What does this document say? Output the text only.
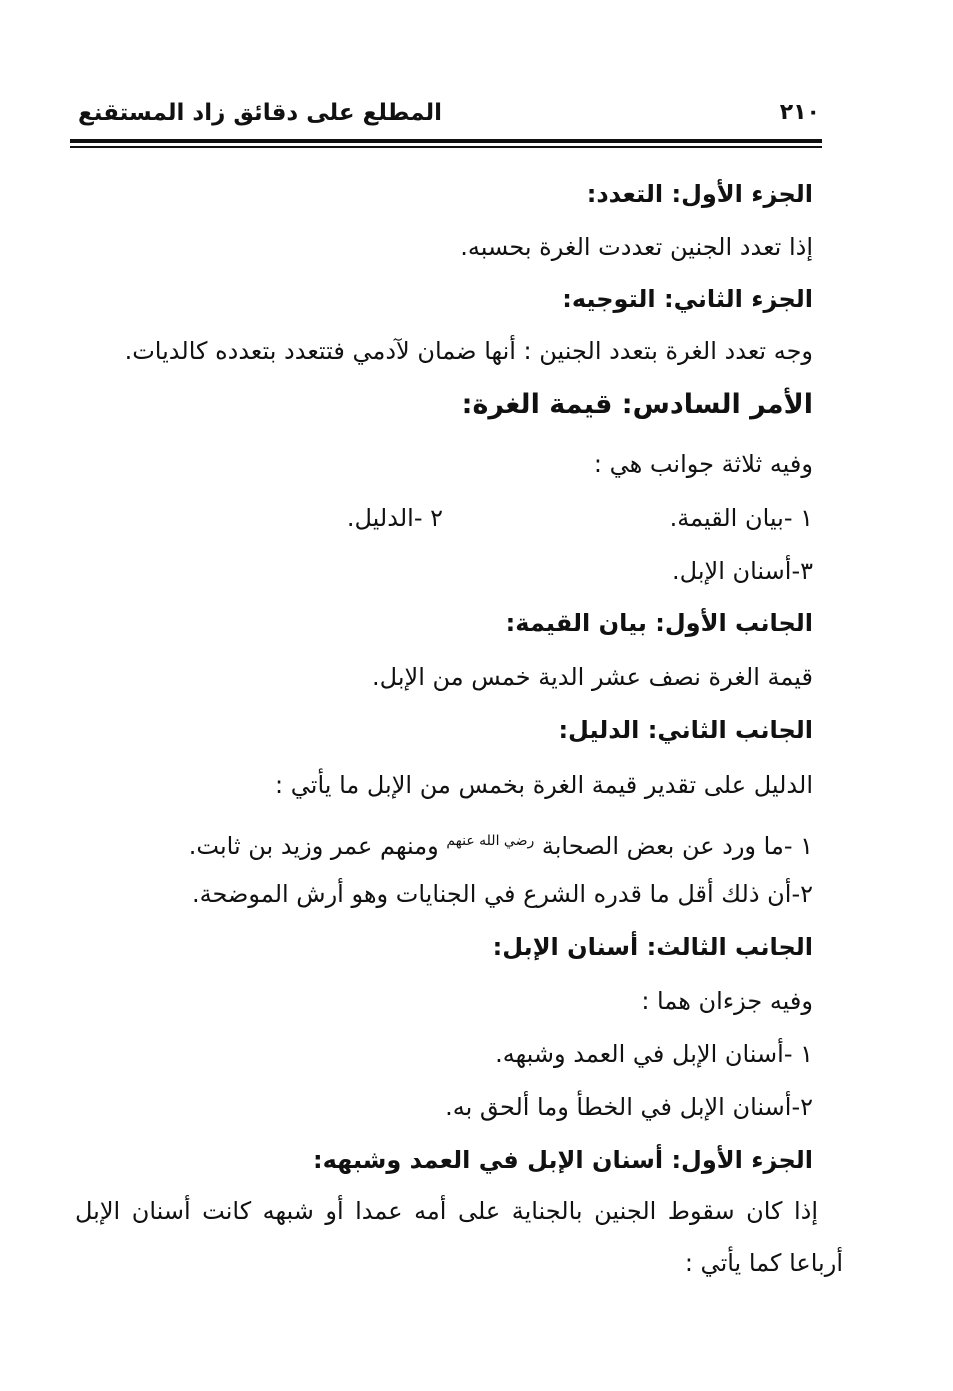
٢١٠
المطلع على دقائق زاد المستقنع
الجزء الأول: التعدد:
إذا تعدد الجنين تعددت الغرة بحسبه.
الجزء الثاني: التوجيه:
وجه تعدد الغرة بتعدد الجنين : أنها ضمان لآدمي فتتعدد بتعدده كالديات.
الأمر السادس: قيمة الغرة:
وفيه ثلاثة جوانب هي :
١ -بيان القيمة.
٢ -الدليل.
٣-أسنان الإبل.
الجانب الأول: بيان القيمة:
قيمة الغرة نصف عشر الدية خمس من الإبل.
الجانب الثاني: الدليل:
الدليل على تقدير قيمة الغرة بخمس من الإبل ما يأتي :
١ -ما ورد عن بعض الصحابة رضي الله عنهم ومنهم عمر وزيد بن ثابت.
٢-أن ذلك أقل ما قدره الشرع في الجنايات وهو أرش الموضحة.
الجانب الثالث: أسنان الإبل:
وفيه جزءان هما :
١ -أسنان الإبل في العمد وشبهه.
٢-أسنان الإبل في الخطأ وما ألحق به.
الجزء الأول: أسنان الإبل في العمد وشبهه:
إذا كان سقوط الجنين بالجناية على أمه عمدا أو شبهه كانت أسنان الإبل
أرباعا كما يأتي :
